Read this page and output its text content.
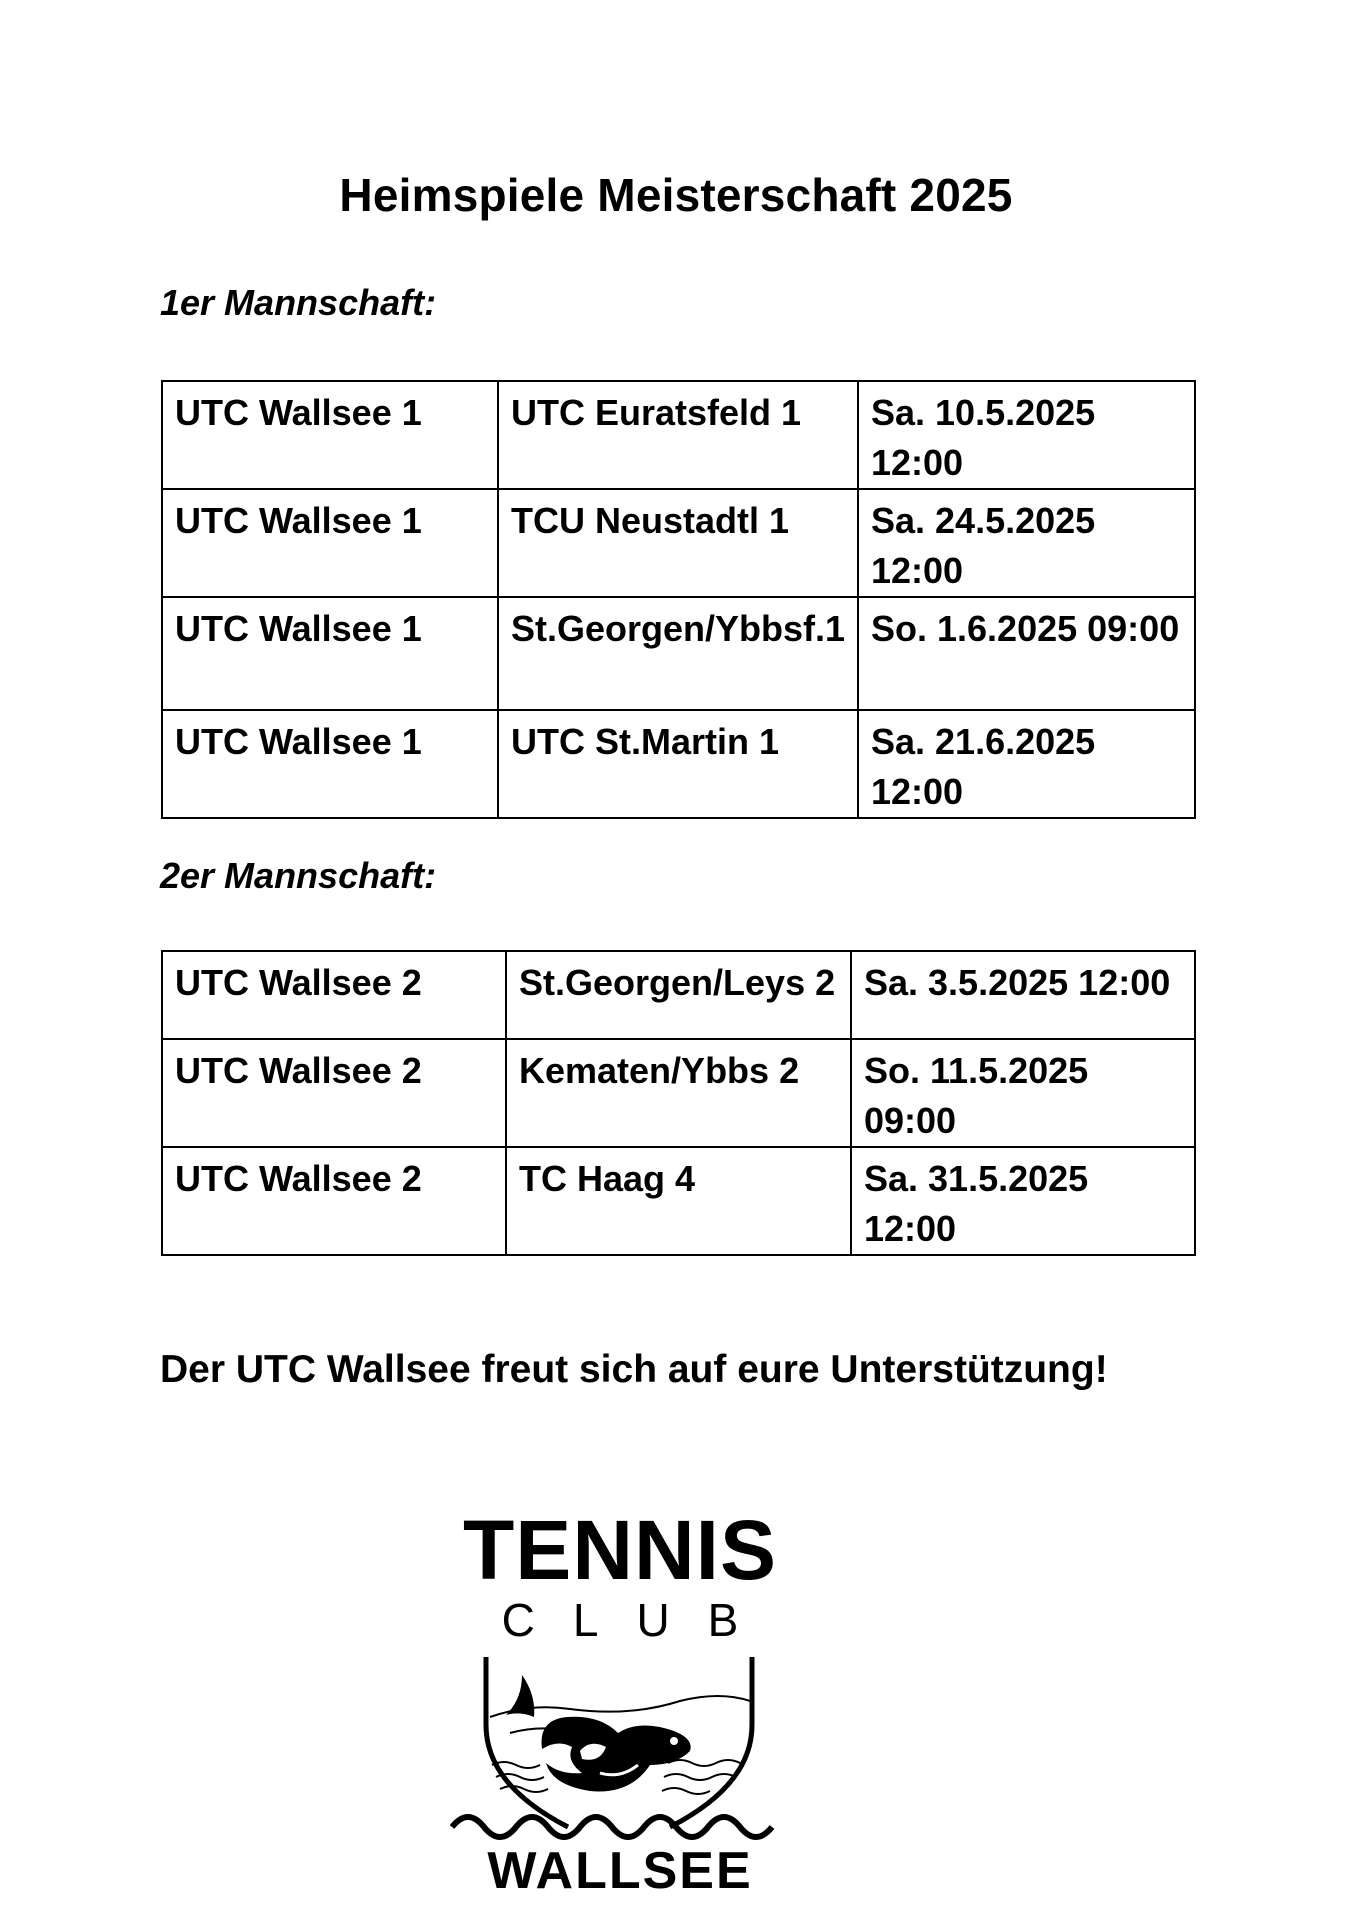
Heimspiele Meisterschaft 2025
1er Mannschaft:
UTC Wallsee 1	UTC Euratsfeld 1	Sa. 10.5.2025 12:00
UTC Wallsee 1	TCU Neustadtl 1	Sa. 24.5.2025 12:00
UTC Wallsee 1	St.Georgen/Ybbsf.1	So. 1.6.2025 09:00
UTC Wallsee 1	UTC St.Martin 1	Sa. 21.6.2025 12:00
2er Mannschaft:
UTC Wallsee 2	St.Georgen/Leys 2	Sa. 3.5.2025 12:00
UTC Wallsee 2	Kematen/Ybbs 2	So. 11.5.2025 09:00
UTC Wallsee 2	TC Haag 4	Sa. 31.5.2025 12:00
Der UTC Wallsee freut sich auf eure Unterstützung!
TENNIS
CLUB
WALLSEE
